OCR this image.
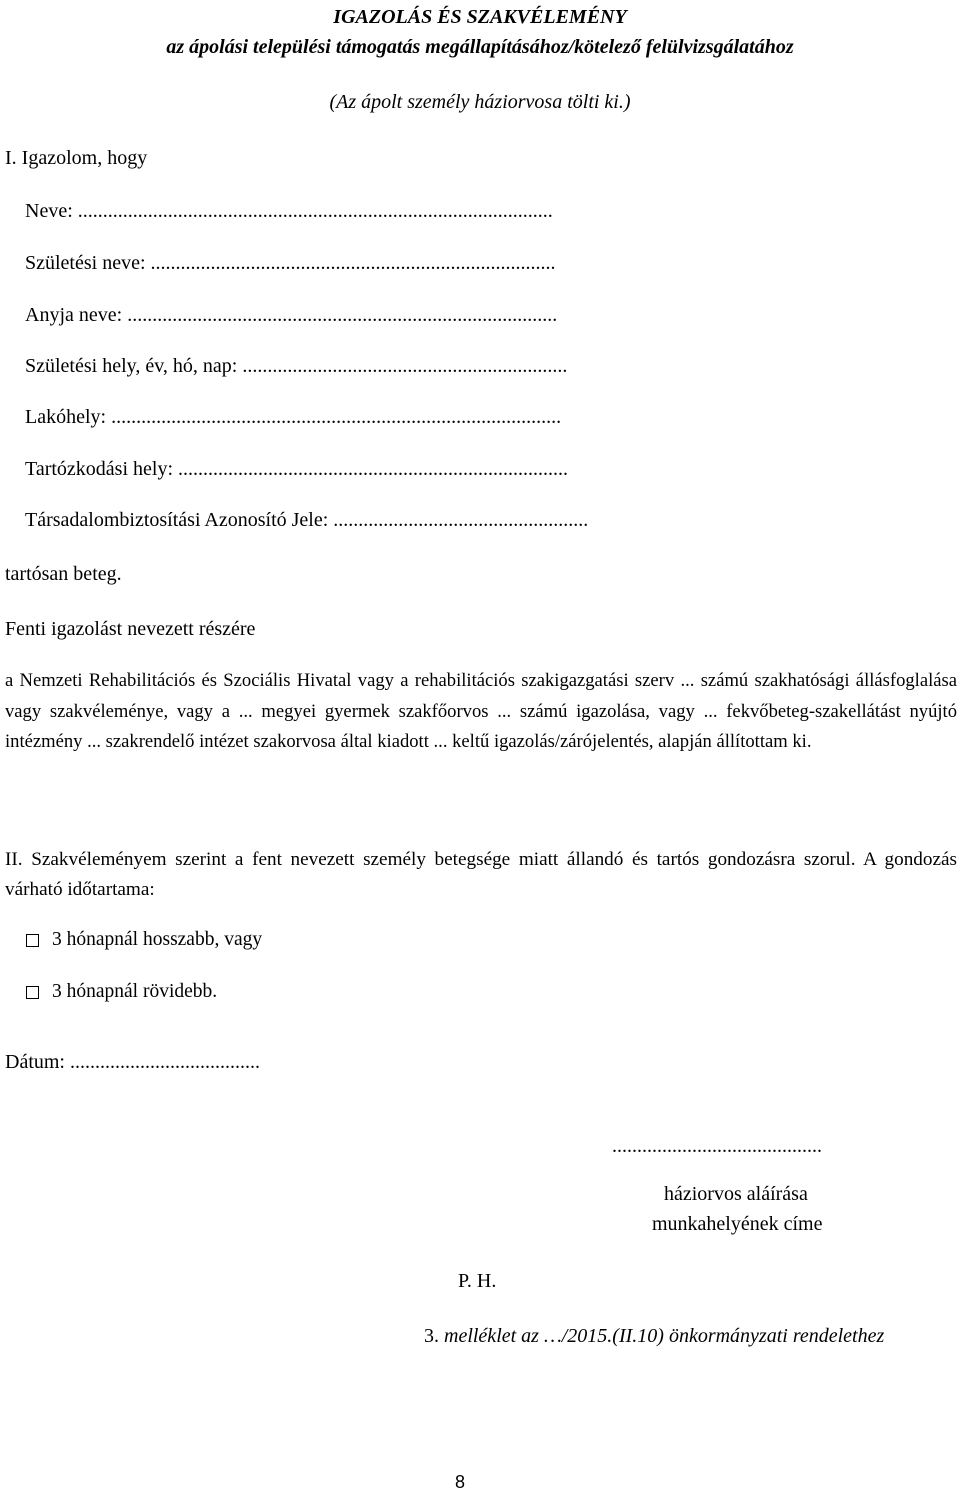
IGAZOLÁS ÉS SZAKVÉLEMÉNY
az ápolási települési támogatás megállapításához/kötelező felülvizsgálatához
(Az ápolt személy háziorvosa tölti ki.)
I. Igazolom, hogy
Neve: ...............................................................................................
Születési neve: .................................................................................
Anyja neve: ......................................................................................
Születési hely, év, hó, nap: .................................................................
Lakóhely: ..........................................................................................
Tartózkodási hely: ..............................................................................
Társadalombiztosítási Azonosító Jele: ...................................................
tartósan beteg.
Fenti igazolást nevezett részére
a Nemzeti Rehabilitációs és Szociális Hivatal vagy a rehabilitációs szakigazgatási szerv ... számú szakhatósági állásfoglalása vagy szakvéleménye, vagy a ... megyei gyermek szakfőorvos ... számú igazolása, vagy ... fekvőbeteg-szakellátást nyújtó intézmény ... szakrendelő intézet szakorvosa által kiadott ... keltű igazolás/zárójelentés, alapján állítottam ki.
II. Szakvéleményem szerint a fent nevezett személy betegsége miatt állandó és tartós gondozásra szorul. A gondozás várható időtartama:
3 hónapnál hosszabb, vagy
3 hónapnál rövidebb.
Dátum: ......................................
..........................................
háziorvos aláírása
munkahelyének címe
P. H.
3. melléklet az …/2015.(II.10) önkormányzati rendelethez
8
